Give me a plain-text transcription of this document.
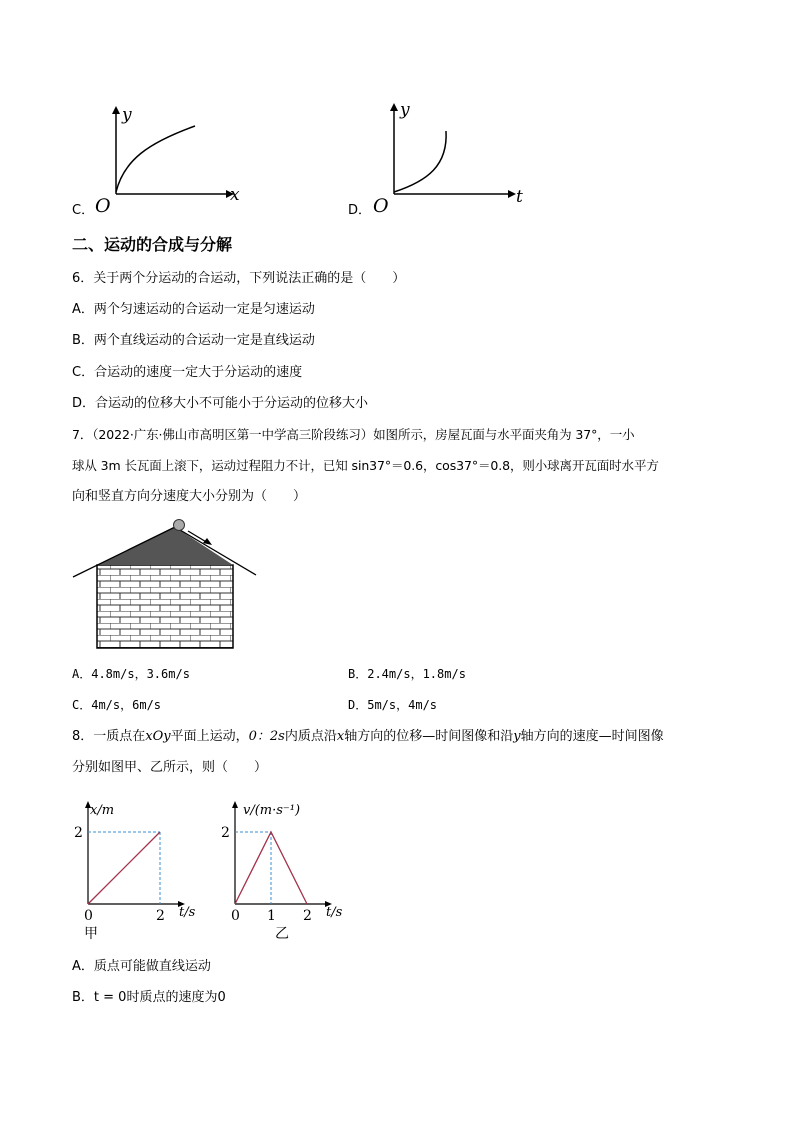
C．
y
x
O	D．
y
t
O
二、运动的合成与分解
6．关于两个分运动的合运动，下列说法正确的是（　　）
A．两个匀速运动的合运动一定是匀速运动
B．两个直线运动的合运动一定是直线运动
C．合运动的速度一定大于分运动的速度
D．合运动的位移大小不可能小于分运动的位移大小
7．（2022·广东·佛山市高明区第一中学高三阶段练习）如图所示，房屋瓦面与水平面夹角为 37°，一小
球从 3m 长瓦面上滚下，运动过程阻力不计，已知 sin37°＝0.6，cos37°＝0.8，则小球离开瓦面时水平方
向和竖直方向分速度大小分别为（　　）
A．4.8m/s，3.6m/s	B．2.4m/s，1.8m/s
C．4m/s，6m/s	D．5m/s，4m/s
8．一质点在xOy平面上运动，0：2s内质点沿x轴方向的位移—时间图像和沿y轴方向的速度—时间图像
分别如图甲、乙所示，则（　　）
x/m
t/s
甲
2
0	2
v/(m·s⁻¹)
t/s
乙
2
0 1 2
A．质点可能做直线运动
B．t = 0时质点的速度为0
